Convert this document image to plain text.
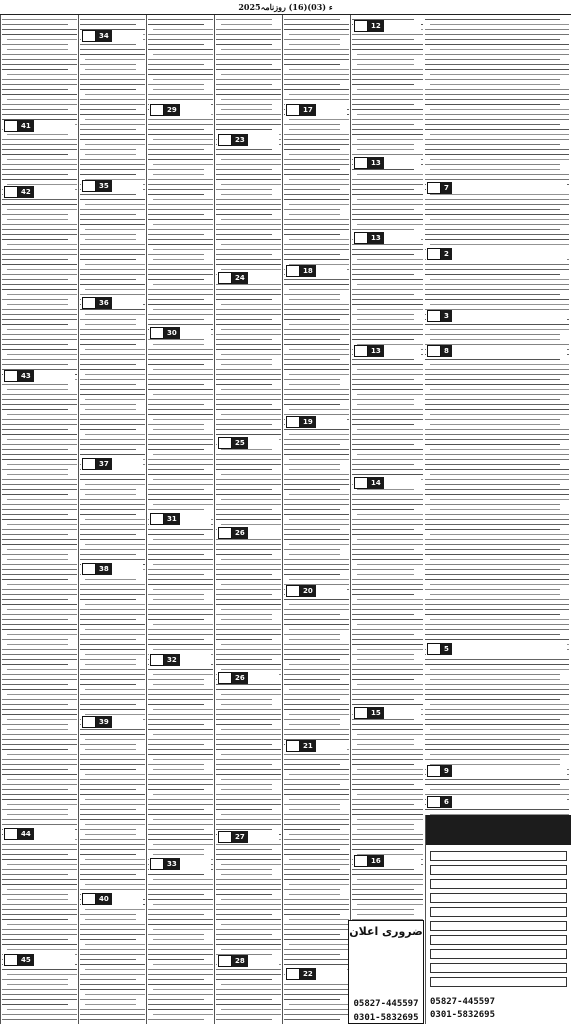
2025ء (03)(16) روزنامہ
41
42
43
44
45
34
35
36
37
38
39
40
29
30
31
32
33
23
24
25
26
26
27
28
17
18
19
20
21
22
12
13
13
13
14
15
16
7
2
3
8
5
9
6
ضروری اعلان
05827-445597
0301-5832695
05827-445597
0301-5832695
